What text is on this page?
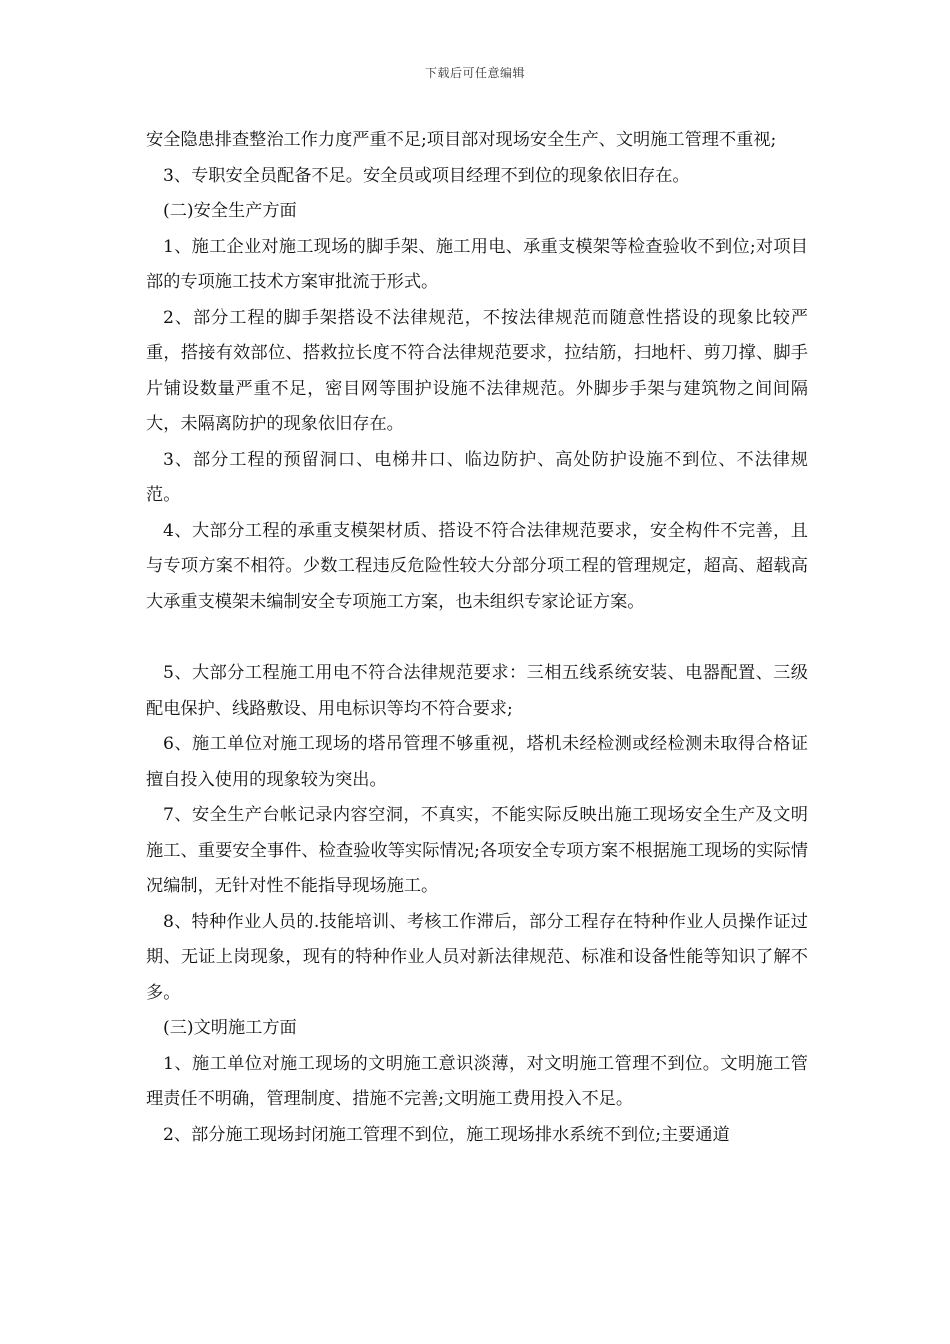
下载后可任意编辑

安全隐患排查整治工作力度严重不足;项目部对现场安全生产、文明施工管理不重视;

3、专职安全员配备不足。安全员或项目经理不到位的现象依旧存在。

(二)安全生产方面

1、施工企业对施工现场的脚手架、施工用电、承重支模架等检查验收不到位;对项目部的专项施工技术方案审批流于形式。

2、部分工程的脚手架搭设不法律规范，不按法律规范而随意性搭设的现象比较严重，搭接有效部位、搭救拉长度不符合法律规范要求，拉结筋，扫地杆、剪刀撑、脚手片铺设数量严重不足，密目网等围护设施不法律规范。外脚步手架与建筑物之间间隔大，未隔离防护的现象依旧存在。

3、部分工程的预留洞口、电梯井口、临边防护、高处防护设施不到位、不法律规范。

4、大部分工程的承重支模架材质、搭设不符合法律规范要求，安全构件不完善，且与专项方案不相符。少数工程违反危险性较大分部分项工程的管理规定，超高、超载高大承重支模架未编制安全专项施工方案，也未组织专家论证方案。

5、大部分工程施工用电不符合法律规范要求：三相五线系统安装、电器配置、三级配电保护、线路敷设、用电标识等均不符合要求;

6、施工单位对施工现场的塔吊管理不够重视，塔机未经检测或经检测未取得合格证擅自投入使用的现象较为突出。

7、安全生产台帐记录内容空洞，不真实，不能实际反映出施工现场安全生产及文明施工、重要安全事件、检查验收等实际情况;各项安全专项方案不根据施工现场的实际情况编制，无针对性不能指导现场施工。

8、特种作业人员的.技能培训、考核工作滞后，部分工程存在特种作业人员操作证过期、无证上岗现象，现有的特种作业人员对新法律规范、标准和设备性能等知识了解不多。

(三)文明施工方面

1、施工单位对施工现场的文明施工意识淡薄，对文明施工管理不到位。文明施工管理责任不明确，管理制度、措施不完善;文明施工费用投入不足。

2、部分施工现场封闭施工管理不到位，施工现场排水系统不到位;主要通道
